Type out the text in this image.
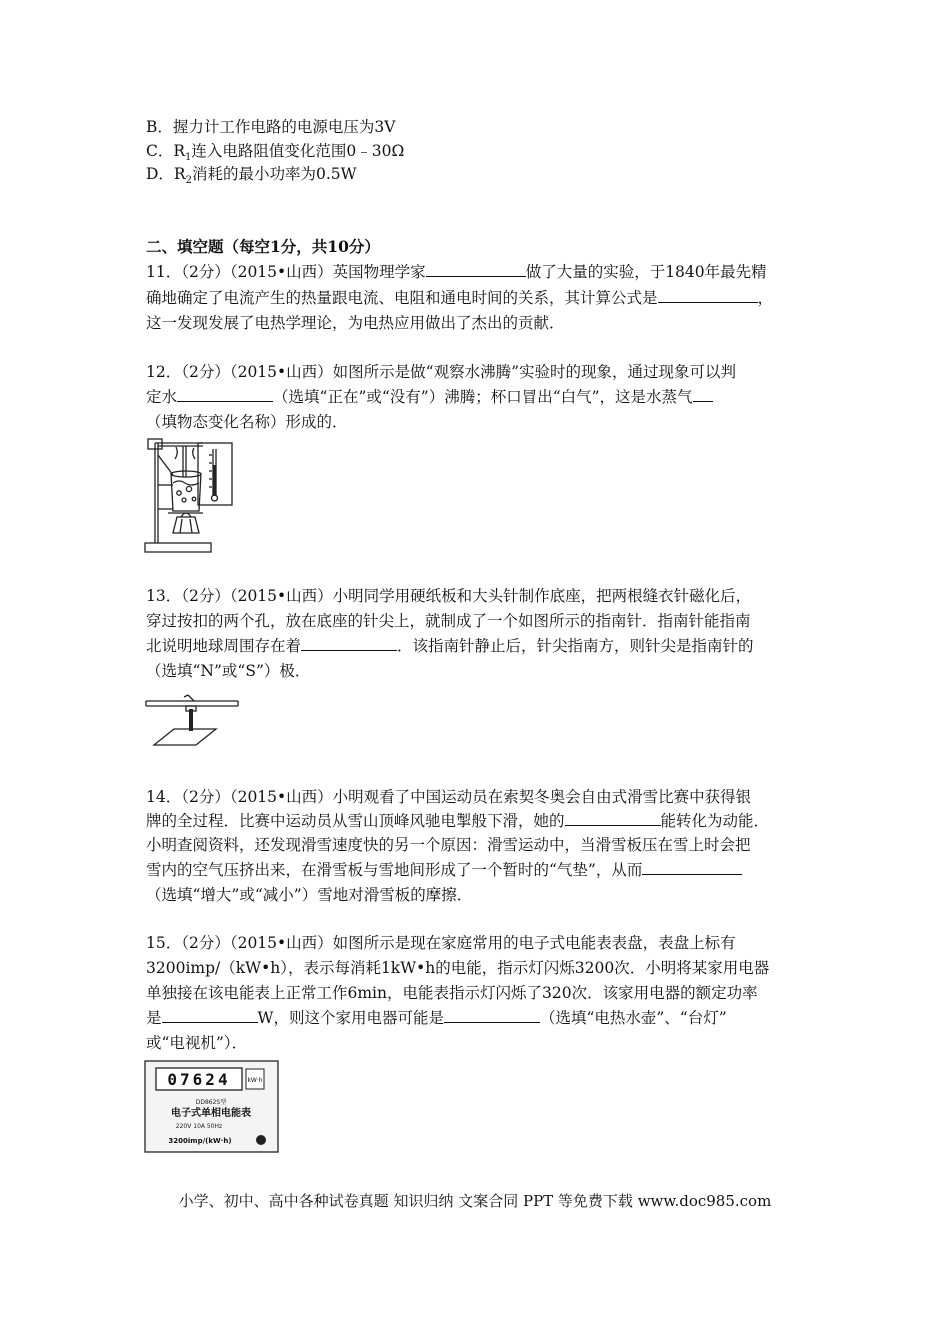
B．握力计工作电路的电源电压为3V
C．$R_1$连入电路阻值变化范围0﹣30Ω
D．$R_2$消耗的最小功率为0.5W
二、填空题（每空1分，共10分）
11．（2分）（2015•山西）英国物理学家	做了大量的实验，于1840年最先精
确地确定了电流产生的热量跟电流、电阻和通电时间的关系，其计算公式是	，
这一发现发展了电热学理论，为电热应用做出了杰出的贡献．
12．（2分）（2015•山西）如图所示是做“观察水沸腾”实验时的现象，通过现象可以判
定水	（选填“正在”或“没有”）沸腾；杯口冒出“白气”，这是水蒸气
（填物态变化名称）形成的．
13．（2分）（2015•山西）小明同学用硬纸板和大头针制作底座，把两根缝衣针磁化后，
穿过按扣的两个孔，放在底座的针尖上，就制成了一个如图所示的指南针．指南针能指南
北说明地球周围存在着	．该指南针静止后，针尖指南方，则针尖是指南针的
（选填“N”或“S”）极．
14．（2分）（2015•山西）小明观看了中国运动员在索契冬奥会自由式滑雪比赛中获得银
牌的全过程．比赛中运动员从雪山顶峰风驰电掣般下滑，她的	能转化为动能．
小明查阅资料，还发现滑雪速度快的另一个原因：滑雪运动中，当滑雪板压在雪上时会把
雪内的空气压挤出来，在滑雪板与雪地间形成了一个暂时的“气垫”，从而
（选填“增大”或“减小”）雪地对滑雪板的摩擦．
15．（2分）（2015•山西）如图所示是现在家庭常用的电子式电能表表盘，表盘上标有
3200imp/（kW•h），表示每消耗1kW•h的电能，指示灯闪烁3200次．小明将某家用电器
单独接在该电能表上正常工作6min，电能表指示灯闪烁了320次．该家用电器的额定功率
是	W，则这个家用电器可能是	（选填“电热水壶”、“台灯”
或“电视机”）．
07624	kW·h
DD862S型
电子式单相电能表
220V 10A 50Hz
3200imp/(kW·h)
小学、初中、高中各种试卷真题 知识归纳 文案合同 PPT 等免费下载 www.doc985.com
